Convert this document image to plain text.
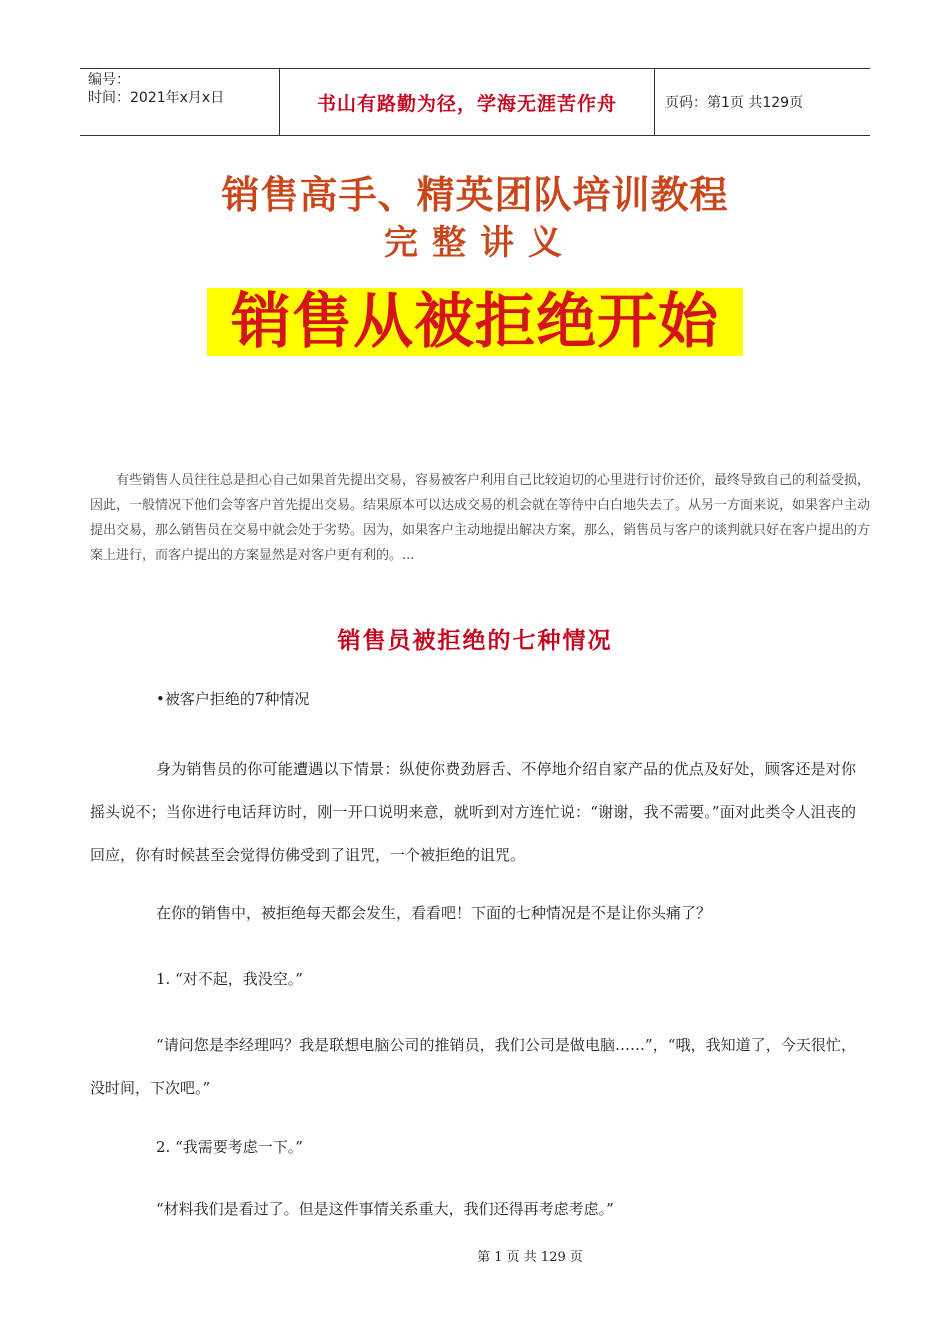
编号：
时间：2021年x月x日	书山有路勤为径，学海无涯苦作舟	页码：第1页 共129页
销售高手、精英团队培训教程
完整讲义
销售从被拒绝开始
有些销售人员往往总是担心自己如果首先提出交易，容易被客户利用自己比较迫切的心里进行讨价还价，最终导致自己的利益受损，因此，一般情况下他们会等客户首先提出交易。结果原本可以达成交易的机会就在等待中白白地失去了。从另一方面来说，如果客户主动提出交易，那么销售员在交易中就会处于劣势。因为，如果客户主动地提出解决方案，那么，销售员与客户的谈判就只好在客户提出的方案上进行，而客户提出的方案显然是对客户更有利的。...
销售员被拒绝的七种情况
•被客户拒绝的7种情况
身为销售员的你可能遭遇以下情景：纵使你费劲唇舌、不停地介绍自家产品的优点及好处，顾客还是对你摇头说不；当你进行电话拜访时，刚一开口说明来意，就听到对方连忙说：“谢谢，我不需要。”面对此类令人沮丧的回应，你有时候甚至会觉得仿佛受到了诅咒，一个被拒绝的诅咒。
在你的销售中，被拒绝每天都会发生，看看吧！下面的七种情况是不是让你头痛了？
1. “对不起，我没空。”
“请问您是李经理吗？我是联想电脑公司的推销员，我们公司是做电脑……”，“哦，我知道了，今天很忙，没时间，下次吧。”
2. “我需要考虑一下。”
“材料我们是看过了。但是这件事情关系重大，我们还得再考虑考虑。”
第 1 页 共 129 页
